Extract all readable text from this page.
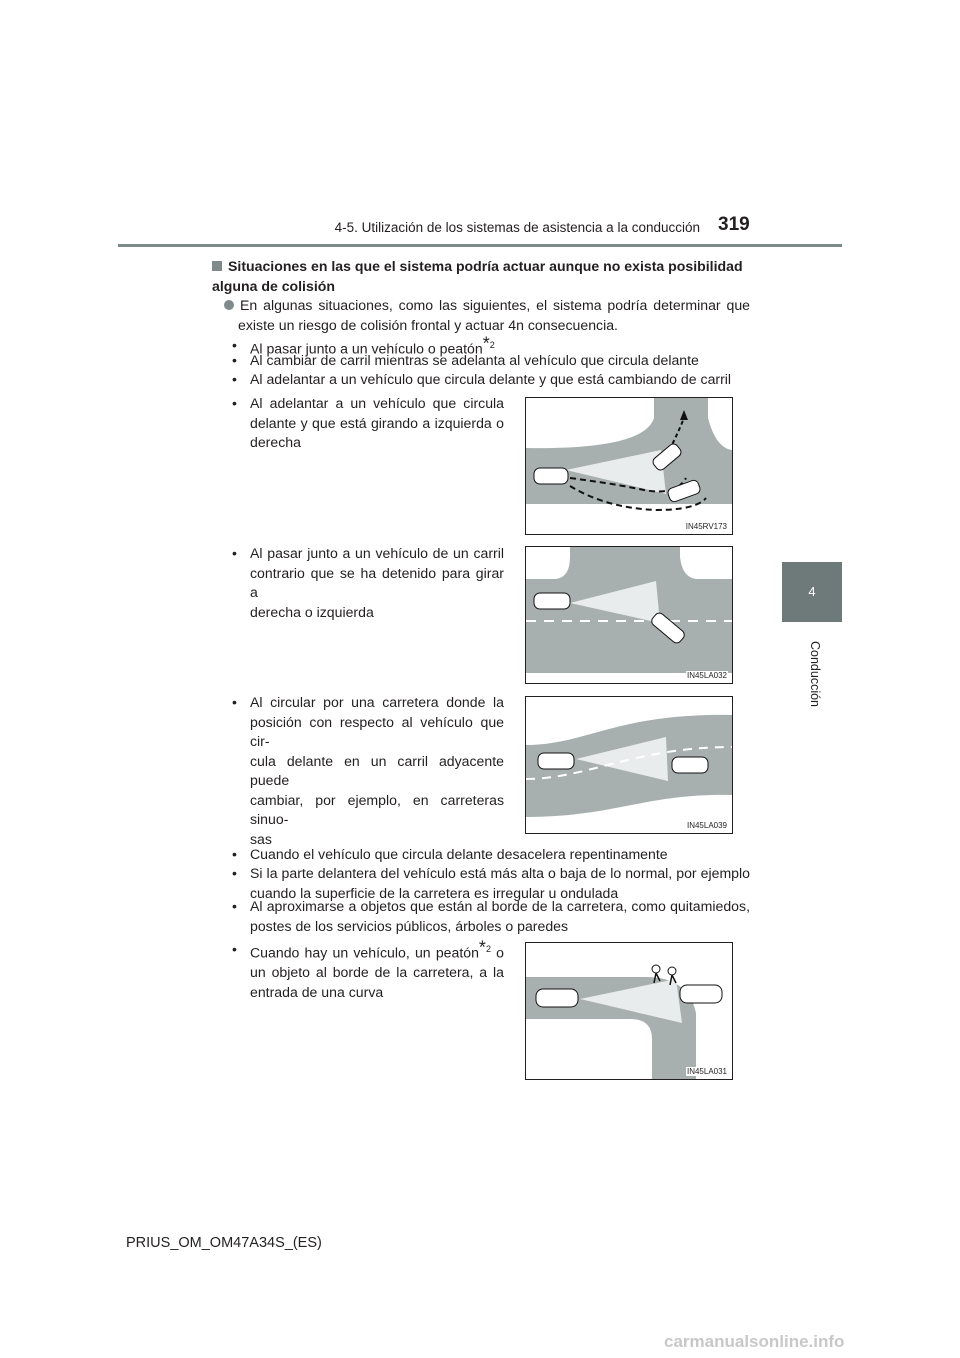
4-5. Utilización de los sistemas de asistencia a la conducción 319
4
Conducción
Situaciones en las que el sistema podría actuar aunque no exista posibilidad alguna de colisión
En algunas situaciones, como las siguientes, el sistema podría determinar que
existe un riesgo de colisión frontal y actuar 4n consecuencia.
• Al pasar junto a un vehículo o peatón*$^2$
• Al cambiar de carril mientras se adelanta al vehículo que circula delante
• Al adelantar a un vehículo que circula delante y que está cambiando de carril
• Al adelantar a un vehículo que circula
delante y que está girando a izquierda o
derecha
IN45RV173
• Al pasar junto a un vehículo de un carril
contrario que se ha detenido para girar a
derecha o izquierda
IN45LA032
• Al circular por una carretera donde la
posición con respecto al vehículo que cir-
cula delante en un carril adyacente puede
cambiar, por ejemplo, en carreteras sinuo-
sas
IN45LA039
• Cuando el vehículo que circula delante desacelera repentinamente
• Si la parte delantera del vehículo está más alta o baja de lo normal, por ejemplo
cuando la superficie de la carretera es irregular u ondulada
• Al aproximarse a objetos que están al borde de la carretera, como quitamiedos,
postes de los servicios públicos, árboles o paredes
• Cuando hay un vehículo, un peatón*$^2$ o
un objeto al borde de la carretera, a la
entrada de una curva
IN45LA031
PRIUS_OM_OM47A34S_(ES)
carmanualsonline.info
